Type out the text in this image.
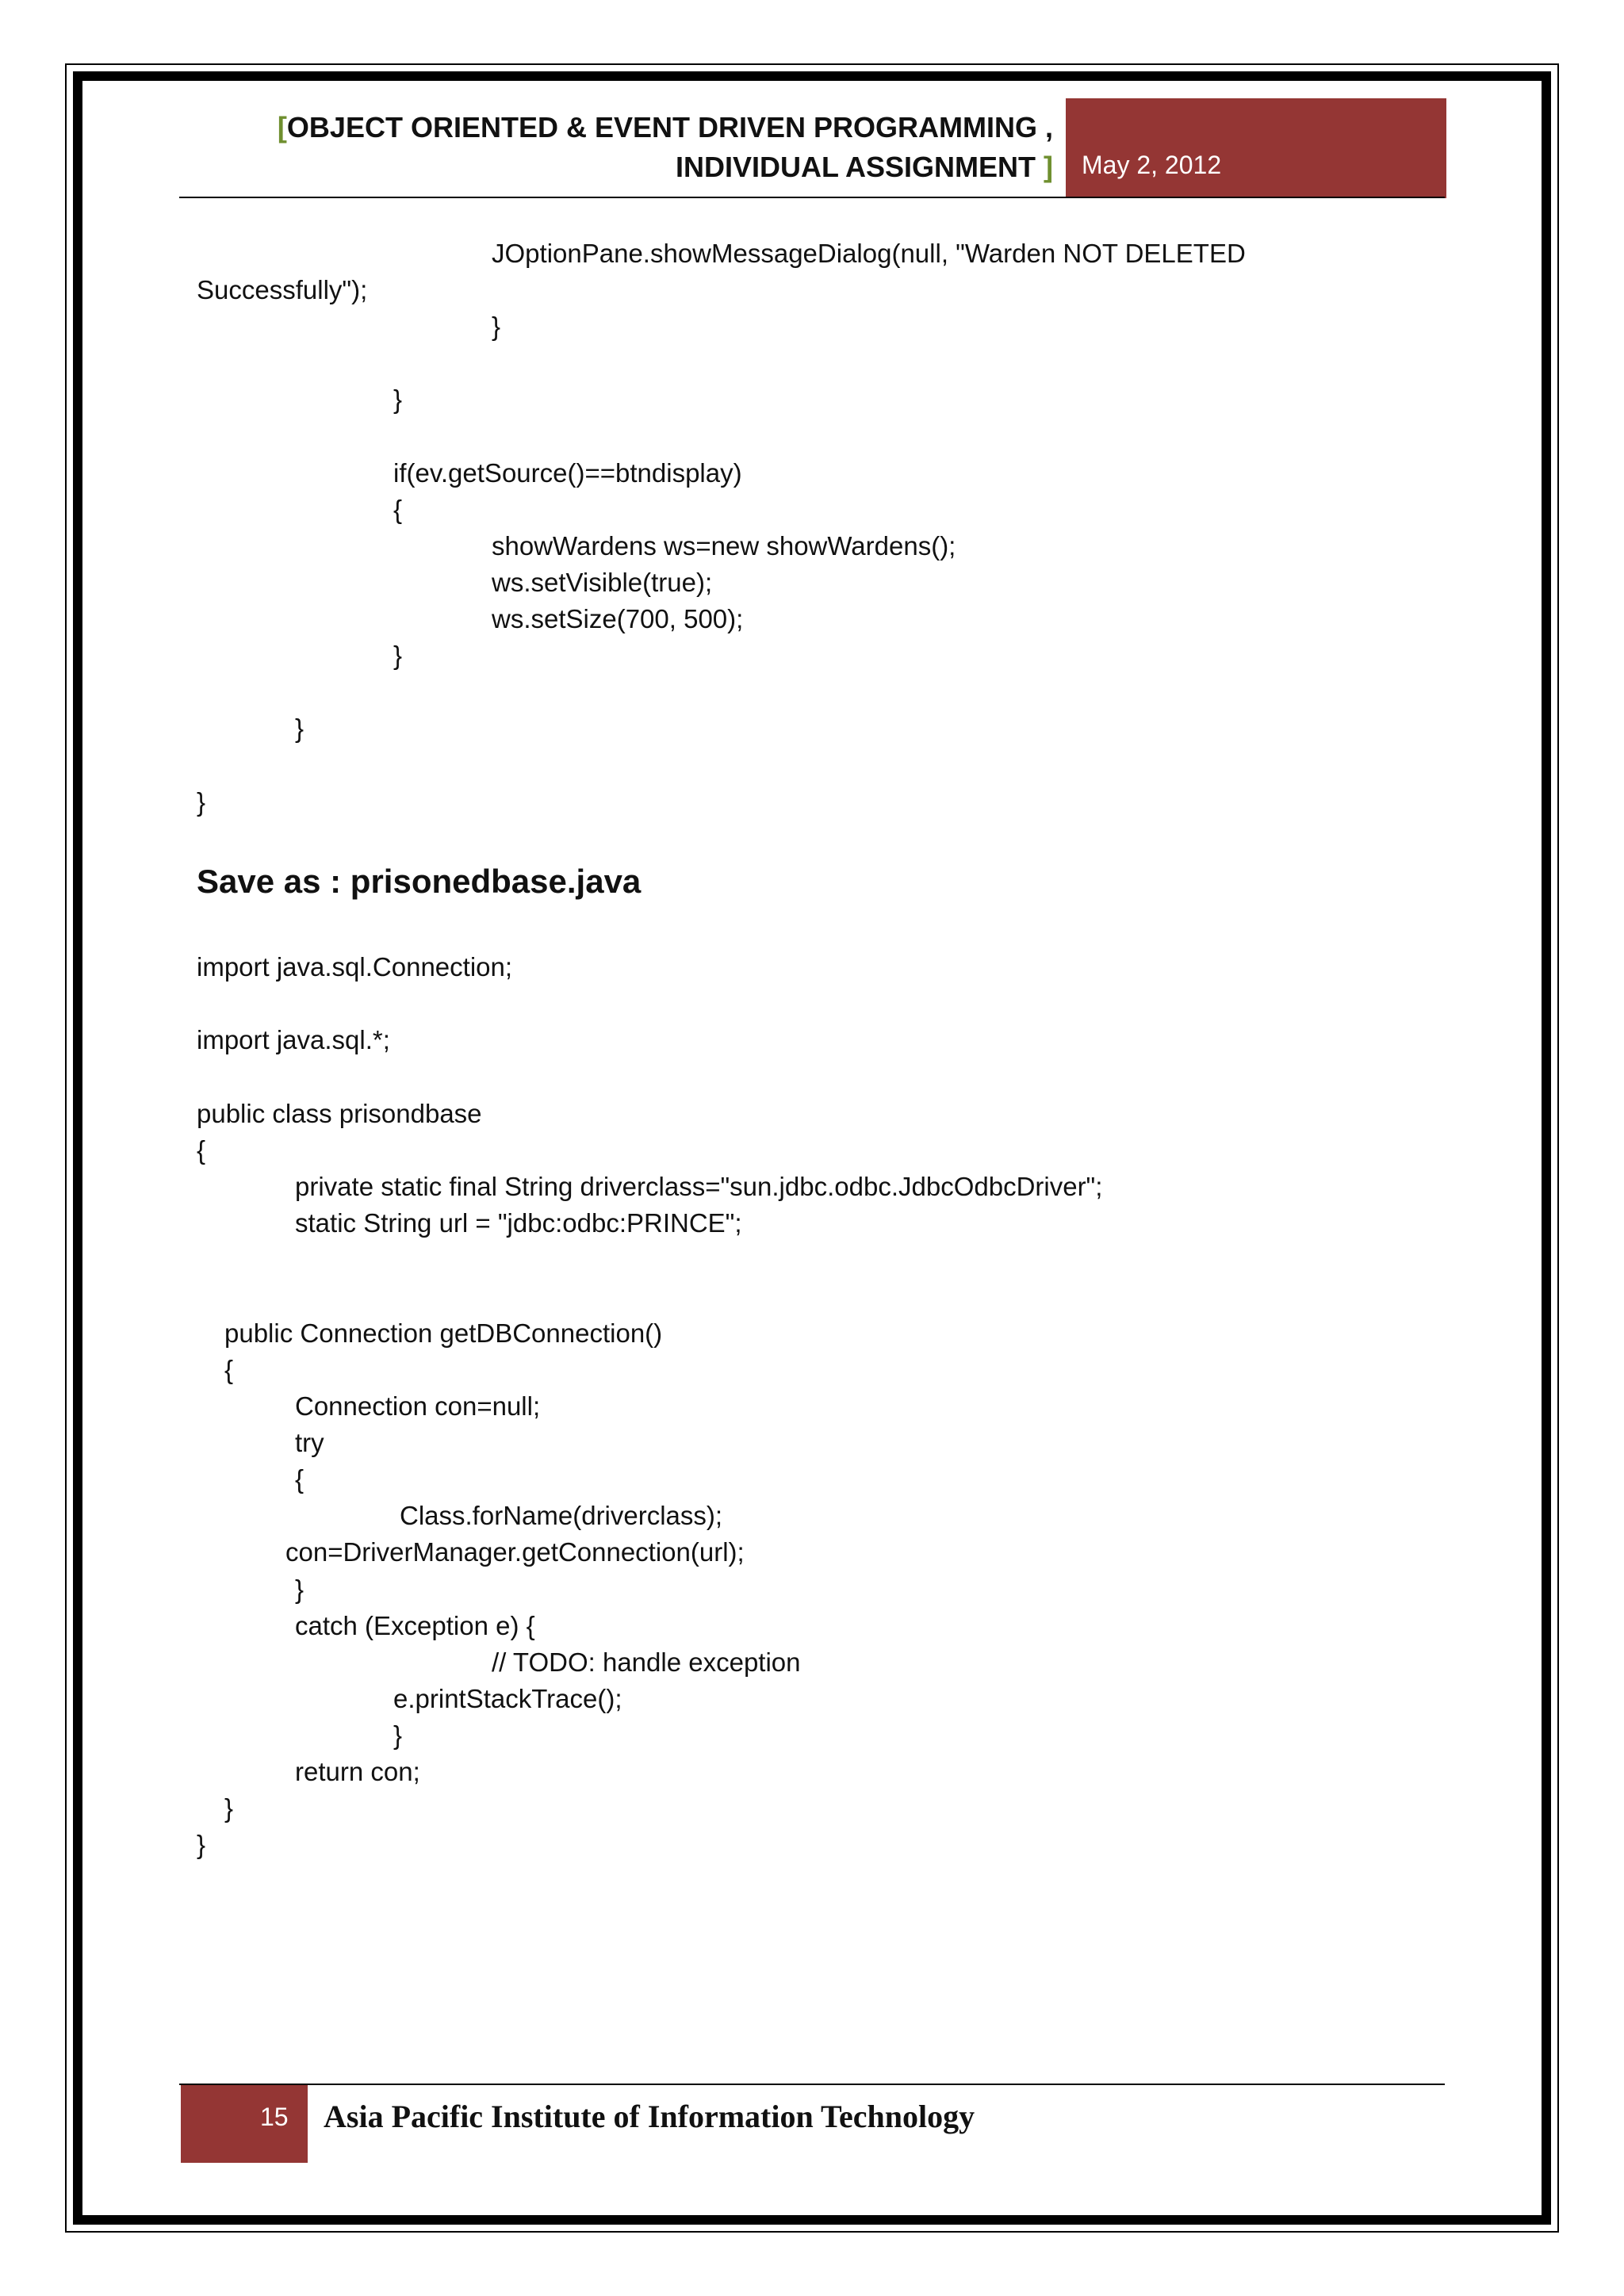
[OBJECT ORIENTED & EVENT DRIVEN PROGRAMMING ,
INDIVIDUAL ASSIGNMENT ]	May 2, 2012
JOptionPane.showMessageDialog(null, "Warden NOT DELETED
Successfully");
}
}
if(ev.getSource()==btndisplay)
{
showWardens ws=new showWardens();
ws.setVisible(true);
ws.setSize(700, 500);
}
}
}
Save as : prisonedbase.java
import java.sql.Connection;
import java.sql.*;
public class prisondbase
{
private static final String driverclass="sun.jdbc.odbc.JdbcOdbcDriver";
static String url = "jdbc:odbc:PRINCE";
public Connection getDBConnection()
{
Connection con=null;
try
{
Class.forName(driverclass);
con=DriverManager.getConnection(url);
}
catch (Exception e) {
// TODO: handle exception
e.printStackTrace();
}
return con;
}
}
15	Asia Pacific Institute of Information Technology
